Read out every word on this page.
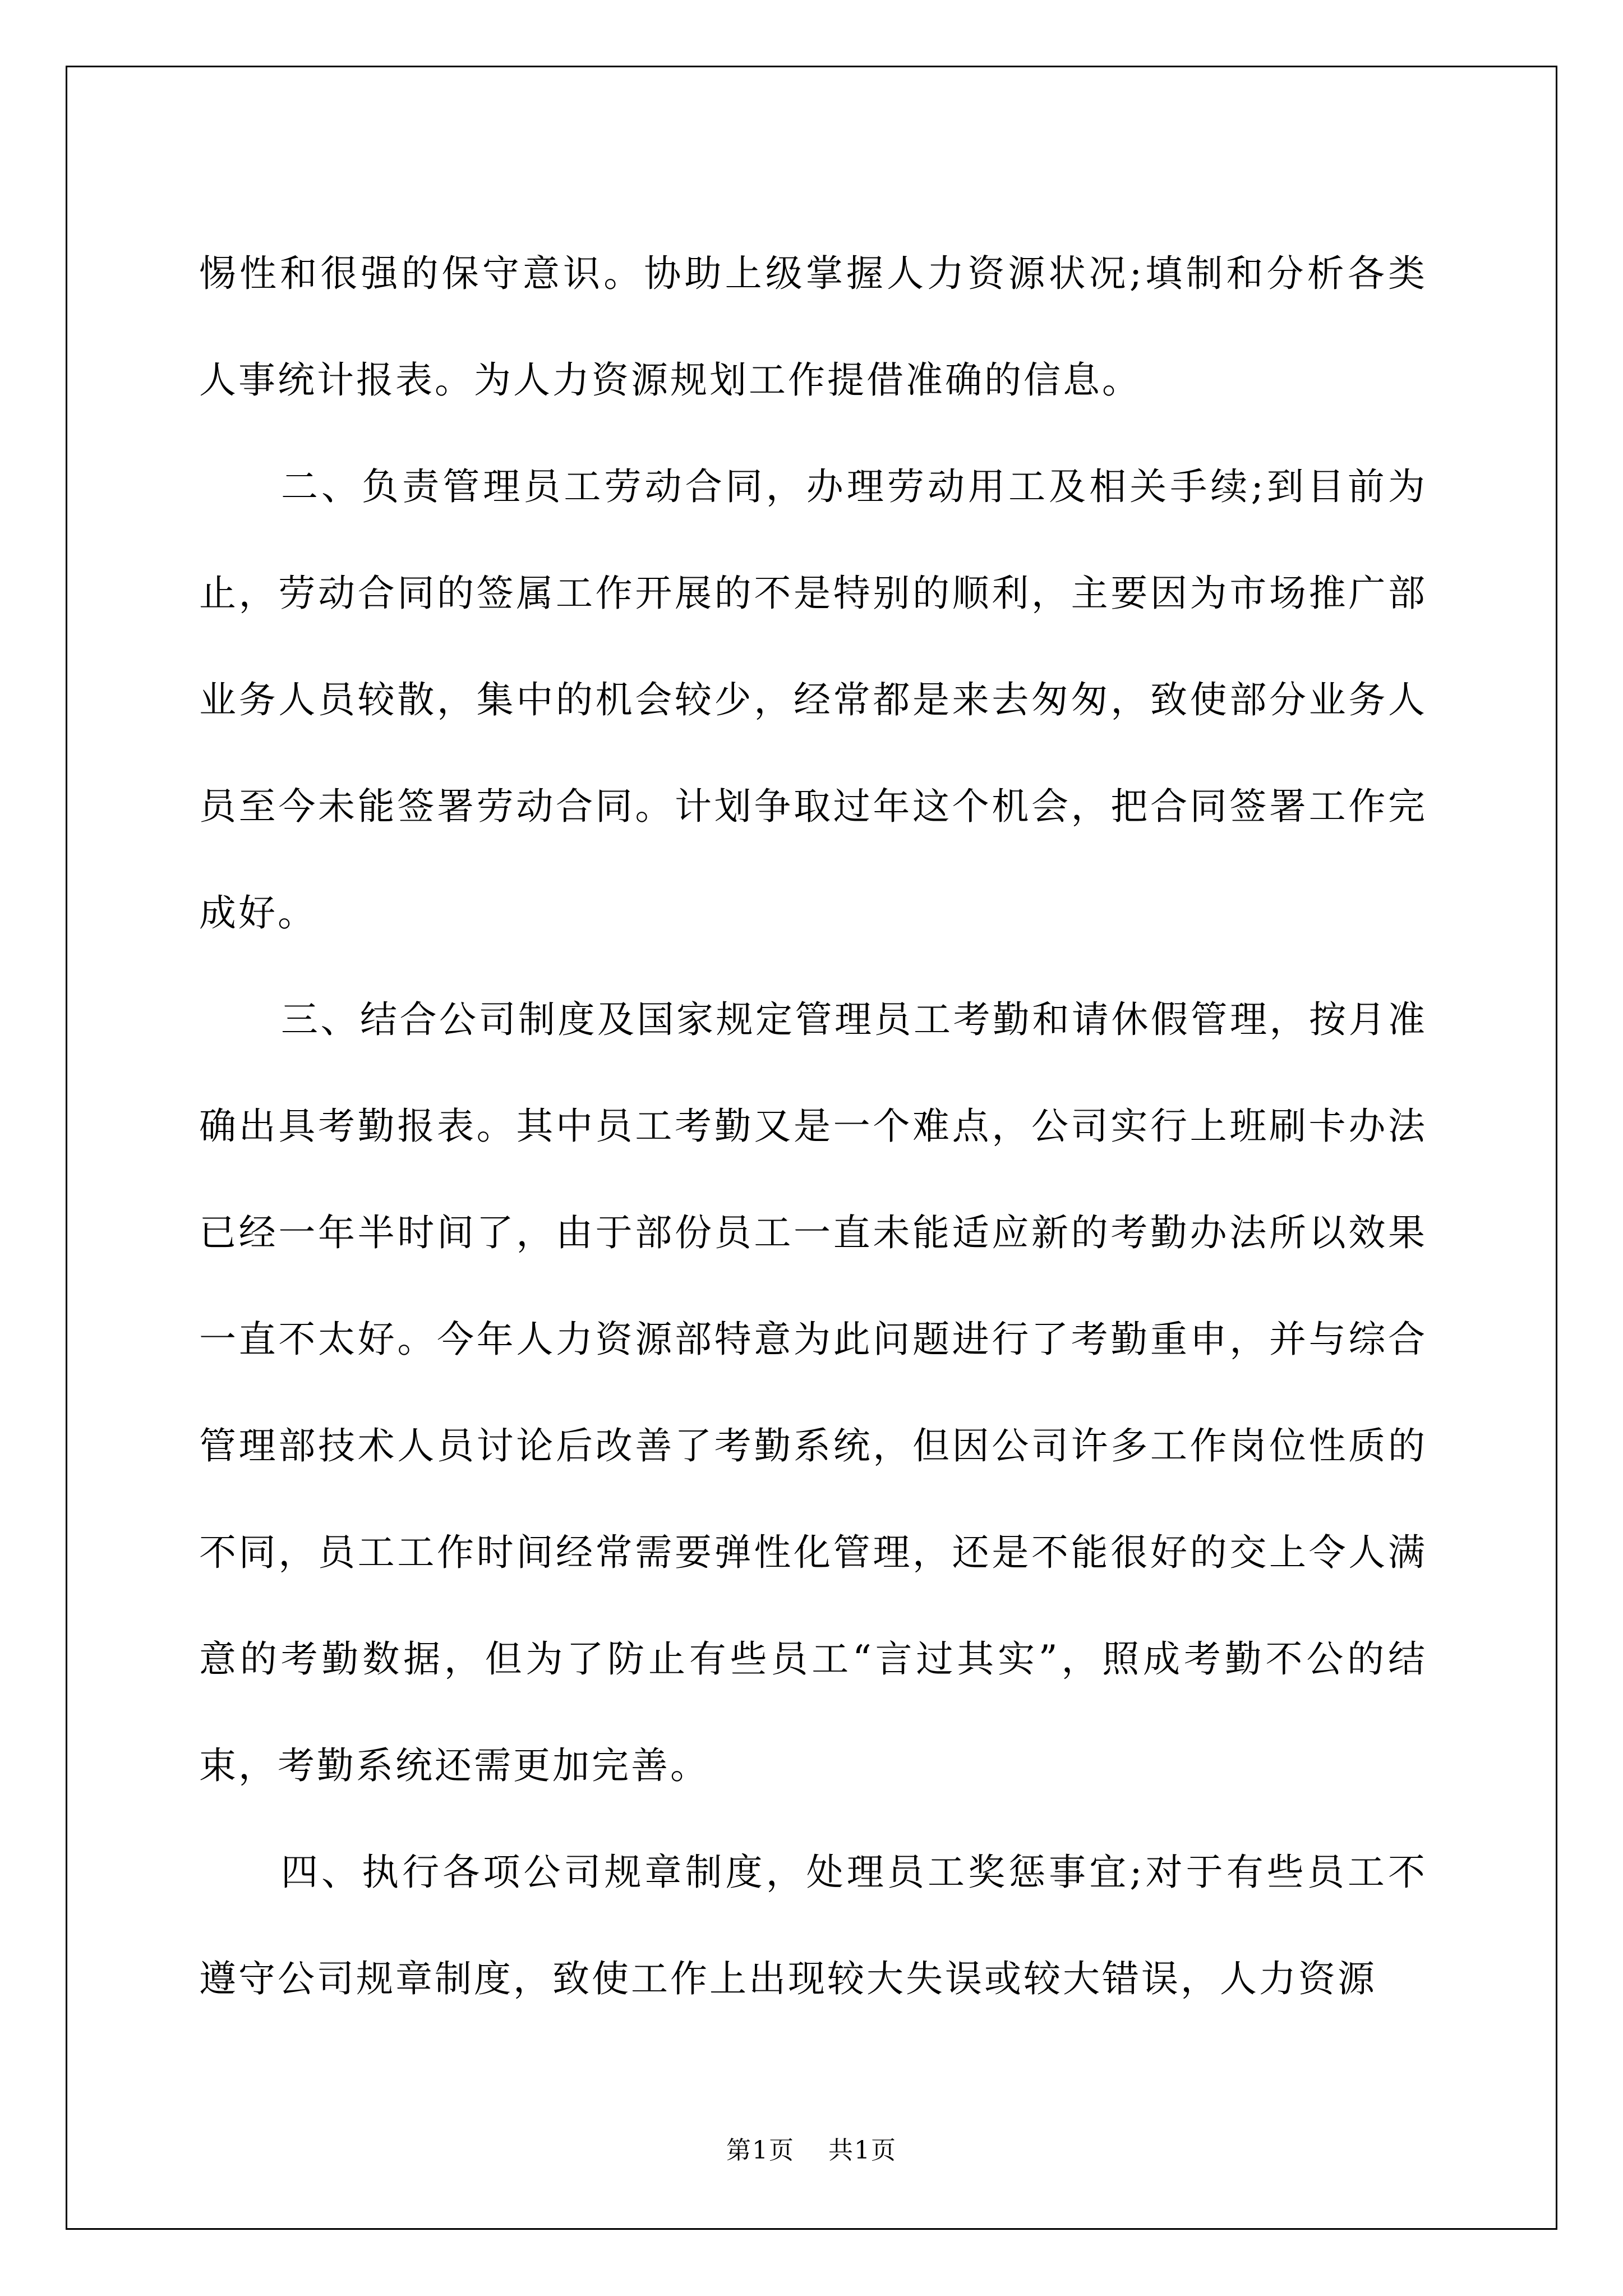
惕性和很强的保守意识。协助上级掌握人力资源状况;填制和分析各类人事统计报表。为人力资源规划工作提借准确的信息。

二、负责管理员工劳动合同，办理劳动用工及相关手续;到目前为止，劳动合同的签属工作开展的不是特别的顺利，主要因为市场推广部业务人员较散，集中的机会较少，经常都是来去匆匆，致使部分业务人员至今未能签署劳动合同。计划争取过年这个机会，把合同签署工作完成好。

三、结合公司制度及国家规定管理员工考勤和请休假管理，按月准确出具考勤报表。其中员工考勤又是一个难点，公司实行上班刷卡办法已经一年半时间了，由于部份员工一直未能适应新的考勤办法所以效果一直不太好。今年人力资源部特意为此问题进行了考勤重申，并与综合管理部技术人员讨论后改善了考勤系统，但因公司许多工作岗位性质的不同，员工工作时间经常需要弹性化管理，还是不能很好的交上令人满意的考勤数据，但为了防止有些员工“言过其实”，照成考勤不公的结束，考勤系统还需更加完善。

四、执行各项公司规章制度，处理员工奖惩事宜;对于有些员工不遵守公司规章制度，致使工作上出现较大失误或较大错误，人力资源

第1页 共1页
